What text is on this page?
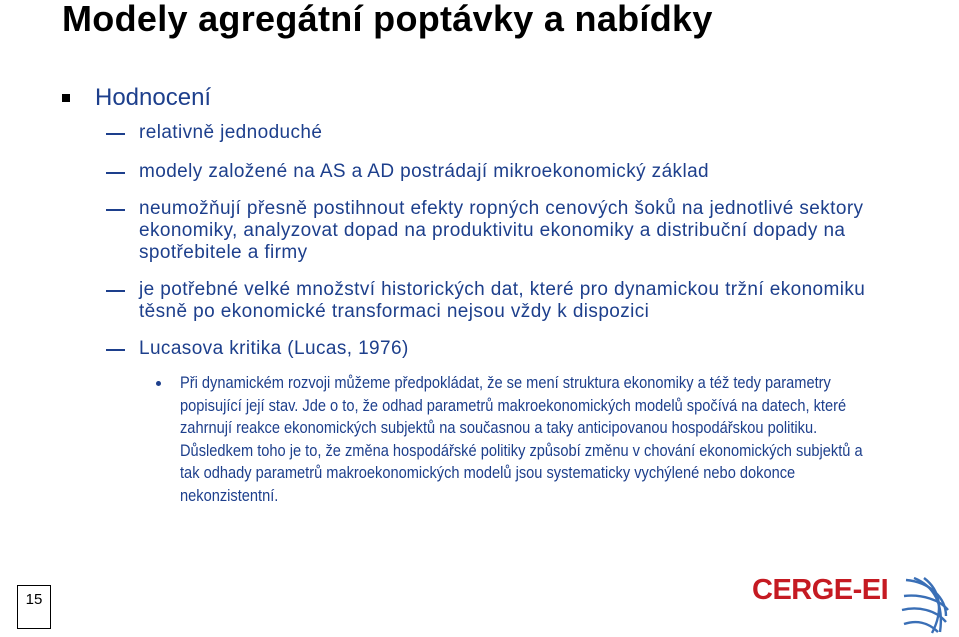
Modely agregátní poptávky a nabídky
Hodnocení
relativně jednoduché
modely založené na AS a AD postrádají mikroekonomický základ
neumožňují přesně postihnout efekty ropných cenových šoků na jednotlivé sektory ekonomiky, analyzovat dopad na produktivitu ekonomiky a distribuční dopady na spotřebitele a firmy
je potřebné velké množství historických dat, které pro dynamickou tržní ekonomiku těsně po ekonomické transformaci nejsou vždy k dispozici
Lucasova kritika (Lucas, 1976)
Při dynamickém rozvoji můžeme předpokládat, že se mení struktura ekonomiky a též tedy parametry popisující její stav. Jde o to, že odhad parametrů makroekonomických modelů spočívá na datech, které zahrnují reakce ekonomických subjektů na současnou a taky anticipovanou hospodářskou politiku. Důsledkem toho je to, že změna hospodářské politiky způsobí změnu v chování ekonomických subjektů a tak odhady parametrů makroekonomických modelů jsou systematicky vychýlené nebo dokonce nekonzistentní.
15	CERGE-EI
